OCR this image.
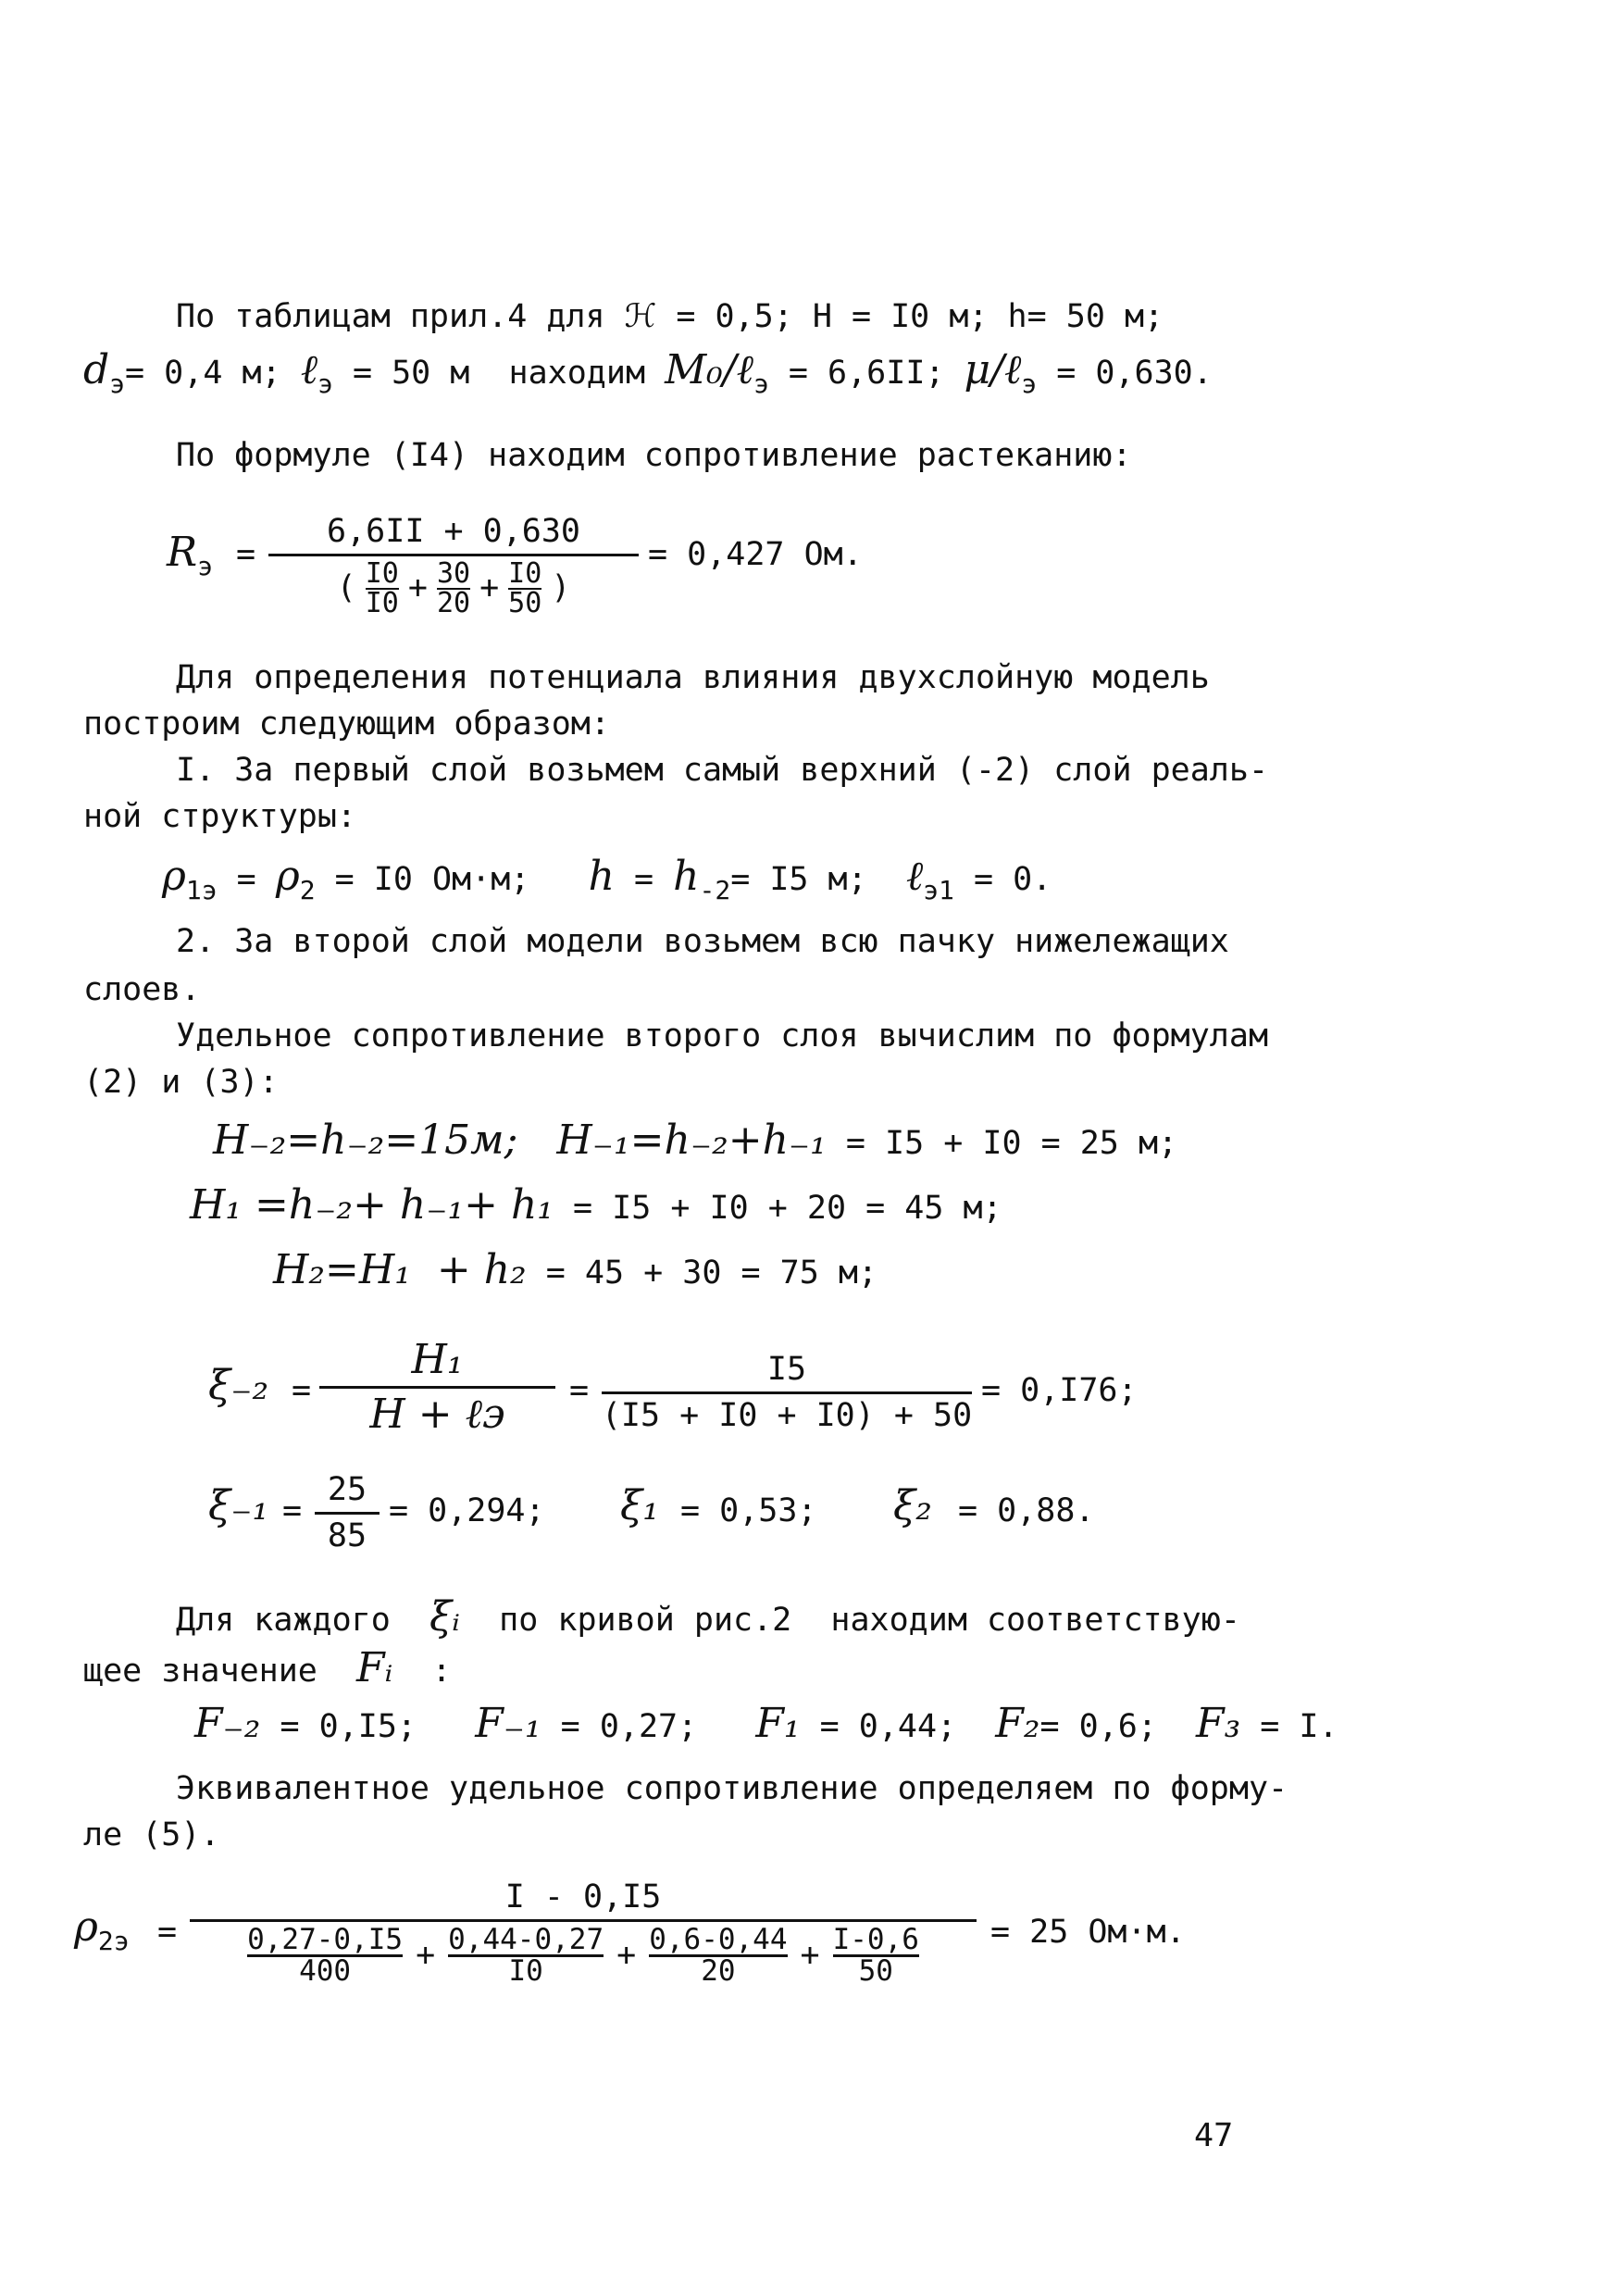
По таблицам прил.4 для ℋ = 0,5; Н = I0 м; h= 50 м;
$d_э= 0,4$ м; ℓ$_э$ = 50 м  находим M₀/ℓ$_э$ = 6,6II; μ/ℓ$_э$ = 0,630.
По формуле (I4) находим сопротивление растеканию:
$R_э$ =
6,6II + 0,630
( I0
$I0 + \frac{30}{20} + \frac{I0}{50}$ )
= 0,427 Ом.
Для определения потенциала влияния двухслойную модель
построим следующим образом:
I. За первый слой возьмем самый верхний (-2) слой реаль-
ной структуры:
$\rho_{1э} = \rho_2 = I0$ Ом·м;   $h = h_{-2}= I5$ м;  ℓ$_{э1}$ = 0.
2. За второй слой модели возьмем всю пачку нижележащих
слоев.
Удельное сопротивление второго слоя вычислим по формулам
(2) и (3):
H₋₂=h₋₂=15м;   H₋₁=h₋₂+h₋₁ = I5 + I0 = 25 м;
H₁ =h₋₂+ h₋₁+ h₁ = I5 + I0 + 20 = 45 м;
H₂=H₁  + h₂ = 45 + 30 = 75 м;
ξ₋₂ =
H₁
H + ℓэ
=
I5
(I5 + I0 + I0) + 50
= 0,I76;
ξ₋₁ =
25
85
= 0,294; ξ₁ = 0,53; ξ₂ = 0,88.
Для каждого  ξᵢ  по кривой рис.2  находим соответствую-
щее значение  Fᵢ  :
F₋₂ = 0,I5;   F₋₁ = 0,27;   F₁ = 0,44;  F₂= 0,6;  F₃ = I.
Эквивалентное удельное сопротивление определяем по форму-
ле (5).
$\rho_{2э}$ =
I - 0,I5
0,27-0,I5
400	+ $\frac{0,44-0,27}{I0} + \frac{0,6-0,44}{20} + \frac{I-0,6}{50} = 25$ Ом·м.
47
